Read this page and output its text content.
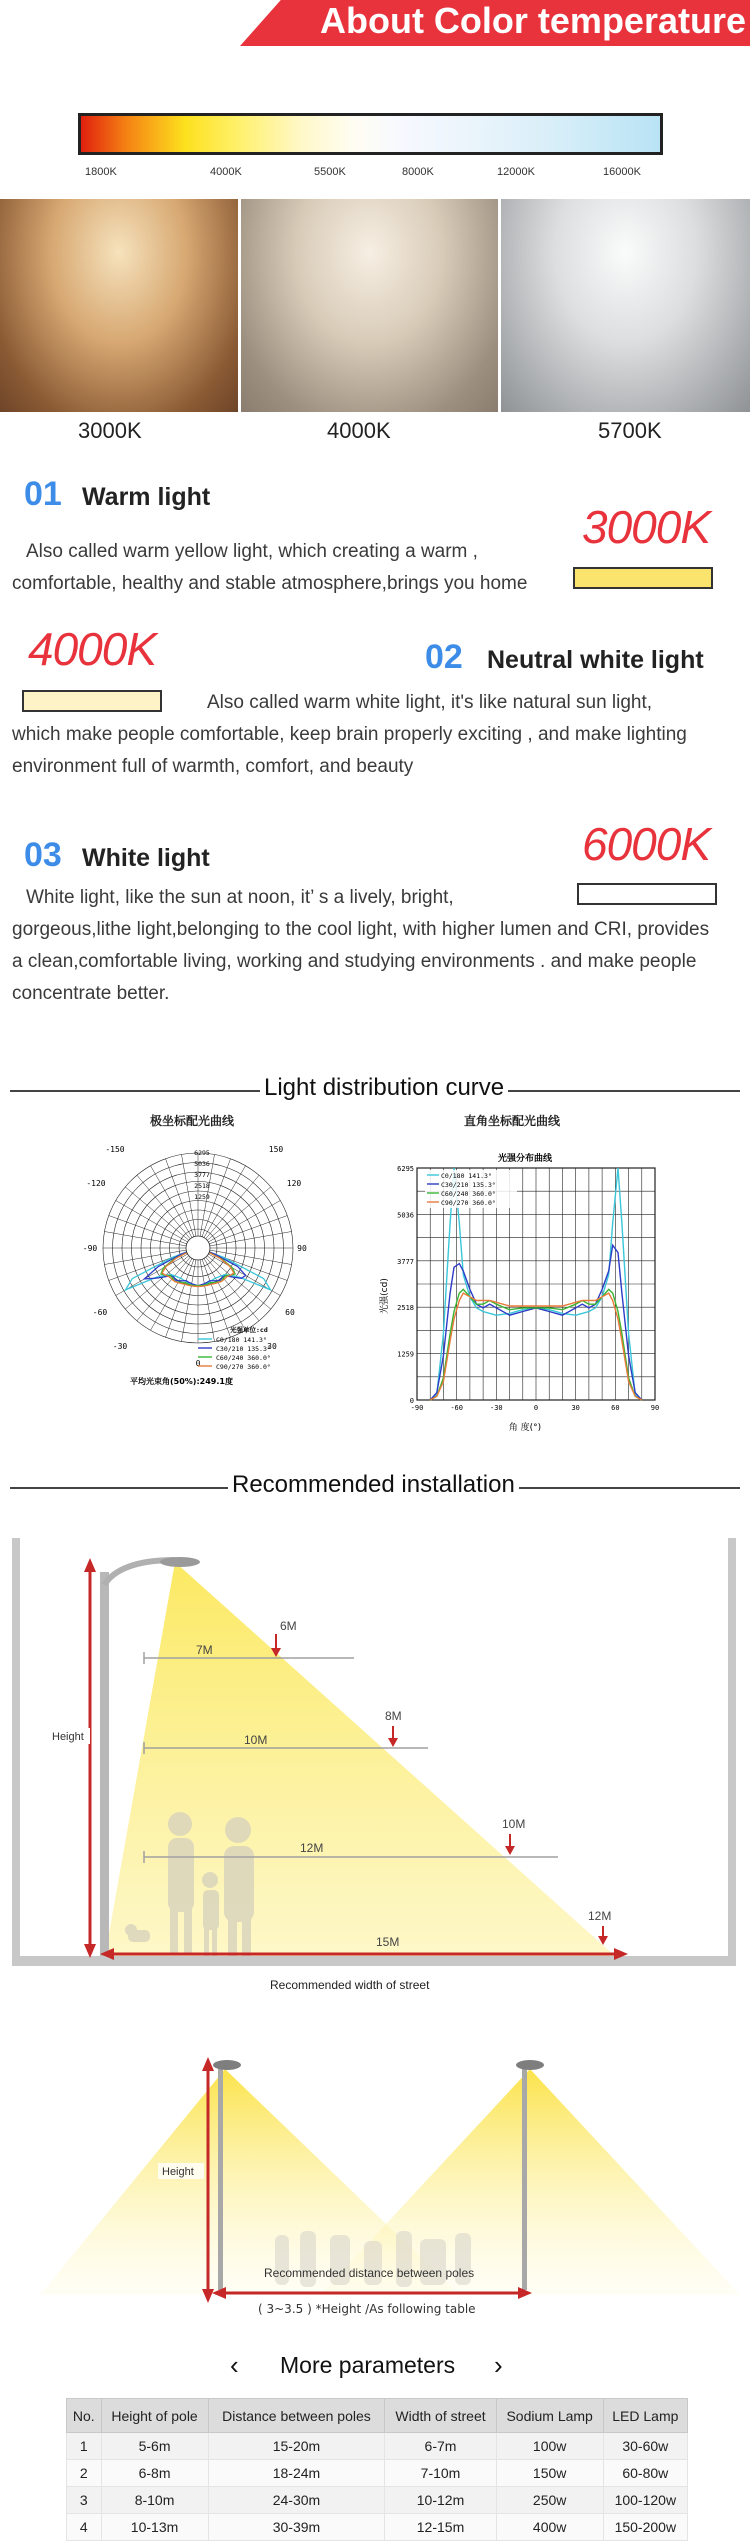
About Color temperature
1800K	4000K	5500K	8000K	12000K	16000K
3000K	4000K	5700K
01 Warm light
3000K
Also called warm yellow light, which creating a warm ,
comfortable, healthy and stable atmosphere,brings you home
4000K	02 Neutral white light
Also called warm white light, it's like natural sun light,
which make people comfortable, keep brain properly exciting , and make lighting
environment full of warmth, comfort, and beauty
03 White light	6000K
White light, like the sun at noon, it’ s a lively, bright,
gorgeous,lithe light,belonging to the cool light, with higher lumen and CRI, provides
a clean,comfortable living, working and studying environments . and make people
concentrate better.
Light distribution curve
极坐标配光曲线	直角坐标配光曲线
6295
5036
3777
2518
1259
-150	150
-120	120
-90	90
-60	60
-30	30
0
平均光束角(50%):249.1度
光强单位:cd
C0/180 141.3°
C30/210 135.3°
C60/240 360.0°
C90/270 360.0°
光强分布曲线
0
1259
2518
3777
5036
6295
-90	-60	-30	0	30	60	90
C0/180 141.3°
C30/210 135.3°
C60/240 360.0°
C90/270 360.0°
光强(cd)
角 度(°)
Recommended installation
Height
6M
8M
10M
12M
7M
10M
12M
15M
Recommended width of street
Height
Recommended distance between poles
( 3~3.5 ) *Height /As following table
‹ More parameters ›
No.	Height of pole	Distance between poles	Width of street	Sodium Lamp	LED Lamp
1	5-6m	15-20m	6-7m	100w	30-60w
2	6-8m	18-24m	7-10m	150w	60-80w
3	8-10m	24-30m	10-12m	250w	100-120w
4	10-13m	30-39m	12-15m	400w	150-200w
